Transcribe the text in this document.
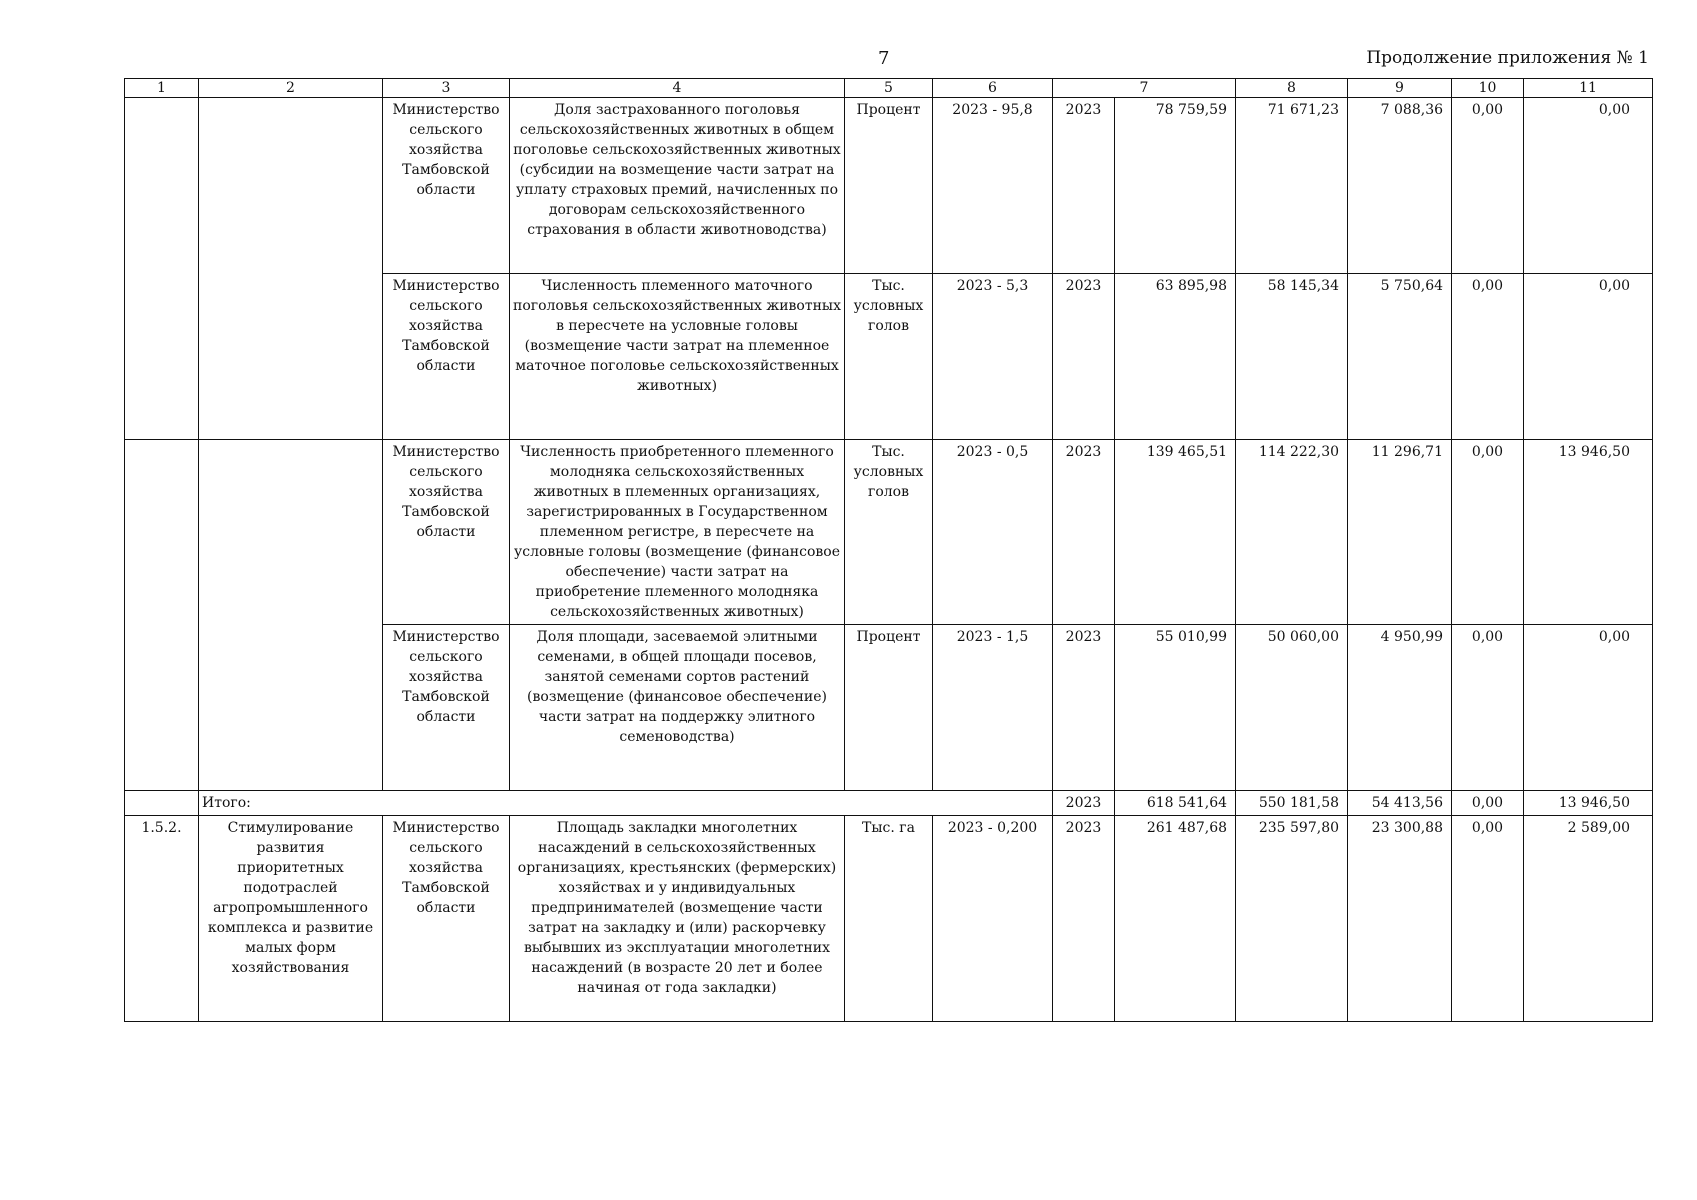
7	Продолжение приложения № 1
1	2	3	4	5	6	7		8	9	10	11
		Министерство сельского хозяйства Тамбовской области	Доля застрахованного поголовья сельскохозяйственных животных в общем поголовье сельскохозяйственных животных (субсидии на возмещение части затрат на уплату страховых премий, начисленных по договорам сельскохозяйственного страхования в области животноводства)	Процент	2023 - 95,8	2023	78 759,59	71 671,23	7 088,36	0,00	0,00
		Министерство сельского хозяйства Тамбовской области	Численность племенного маточного поголовья сельскохозяйственных животных в пересчете на условные головы (возмещение части затрат на племенное маточное поголовье сельскохозяйственных животных)	Тыс. условных голов	2023 - 5,3	2023	63 895,98	58 145,34	5 750,64	0,00	0,00
		Министерство сельского хозяйства Тамбовской области	Численность приобретенного племенного молодняка сельскохозяйственных животных в племенных организациях, зарегистрированных в Государственном племенном регистре, в пересчете на условные головы (возмещение (финансовое обеспечение) части затрат на приобретение племенного молодняка сельскохозяйственных животных)	Тыс. условных голов	2023 - 0,5	2023	139 465,51	114 222,30	11 296,71	0,00	13 946,50
		Министерство сельского хозяйства Тамбовской области	Доля площади, засеваемой элитными семенами, в общей площади посевов, занятой семенами сортов растений (возмещение (финансовое обеспечение) части затрат на поддержку элитного семеноводства)	Процент	2023 - 1,5	2023	55 010,99	50 060,00	4 950,99	0,00	0,00
	Итого:					2023	618 541,64	550 181,58	54 413,56	0,00	13 946,50
1.5.2.	Стимулирование развития приоритетных подотраслей агропромышленного комплекса и развитие малых форм хозяйствования	Министерство сельского хозяйства Тамбовской области	Площадь закладки многолетних насаждений в сельскохозяйственных организациях, крестьянских (фермерских) хозяйствах и у индивидуальных предпринимателей (возмещение части затрат на закладку и (или) раскорчевку выбывших из эксплуатации многолетних насаждений (в возрасте 20 лет и более начиная от года закладки)	Тыс. га	2023 - 0,200	2023	261 487,68	235 597,80	23 300,88	0,00	2 589,00
